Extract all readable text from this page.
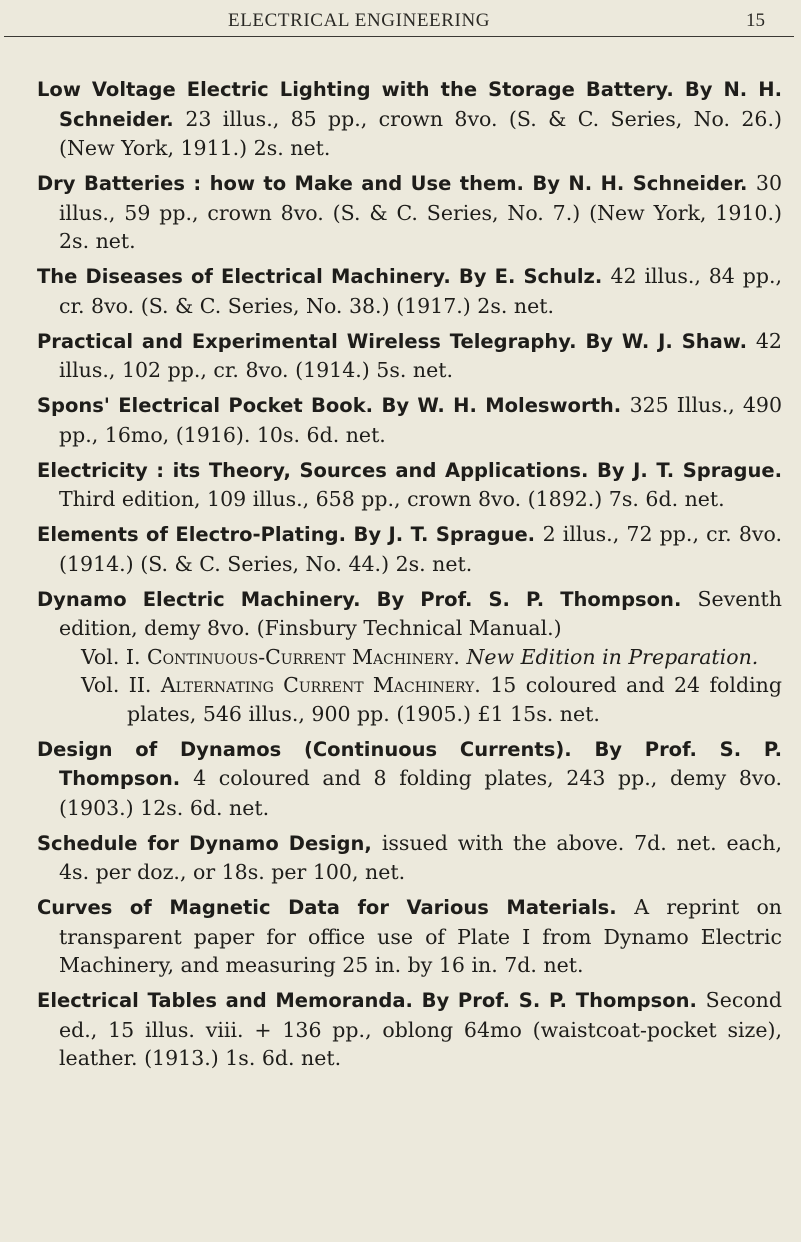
ELECTRICAL ENGINEERING	15
Low Voltage Electric Lighting with the Storage Battery. By N. H. Schneider. 23 illus., 85 pp., crown 8vo. (S. & C. Series, No. 26.) (New York, 1911.) 2s. net.
Dry Batteries : how to Make and Use them. By N. H. Schneider. 30 illus., 59 pp., crown 8vo. (S. & C. Series, No. 7.) (New York, 1910.) 2s. net.
The Diseases of Electrical Machinery. By E. Schulz. 42 illus., 84 pp., cr. 8vo. (S. & C. Series, No. 38.) (1917.) 2s. net.
Practical and Experimental Wireless Telegraphy. By W. J. Shaw. 42 illus., 102 pp., cr. 8vo. (1914.) 5s. net.
Spons' Electrical Pocket Book. By W. H. Molesworth. 325 Illus., 490 pp., 16mo, (1916). 10s. 6d. net.
Electricity : its Theory, Sources and Applications. By J. T. Sprague.Third edition, 109 illus., 658 pp., crown 8vo. (1892.) 7s. 6d. net.
Elements of Electro-Plating. By J. T. Sprague. 2 illus., 72 pp., cr. 8vo. (1914.) (S. & C. Series, No. 44.) 2s. net.
Dynamo Electric Machinery. By Prof. S. P. Thompson. Seventh edition, demy 8vo. (Finsbury Technical Manual.)
Vol. I. Continuous-Current Machinery. New Edition in Preparation.
Vol. II. Alternating Current Machinery. 15 coloured and 24 folding plates, 546 illus., 900 pp. (1905.) £1 15s. net.
Design of Dynamos (Continuous Currents). By Prof. S. P. Thompson. 4 coloured and 8 folding plates, 243 pp., demy 8vo. (1903.) 12s. 6d. net.
Schedule for Dynamo Design, issued with the above. 7d. net. each, 4s. per doz., or 18s. per 100, net.
Curves of Magnetic Data for Various Materials. A reprint on transparent paper for office use of Plate I from Dynamo Electric Machinery, and measuring 25 in. by 16 in. 7d. net.
Electrical Tables and Memoranda. By Prof. S. P. Thompson. Second ed., 15 illus. viii. + 136 pp., oblong 64mo (waistcoat-pocket size), leather. (1913.) 1s. 6d. net.
